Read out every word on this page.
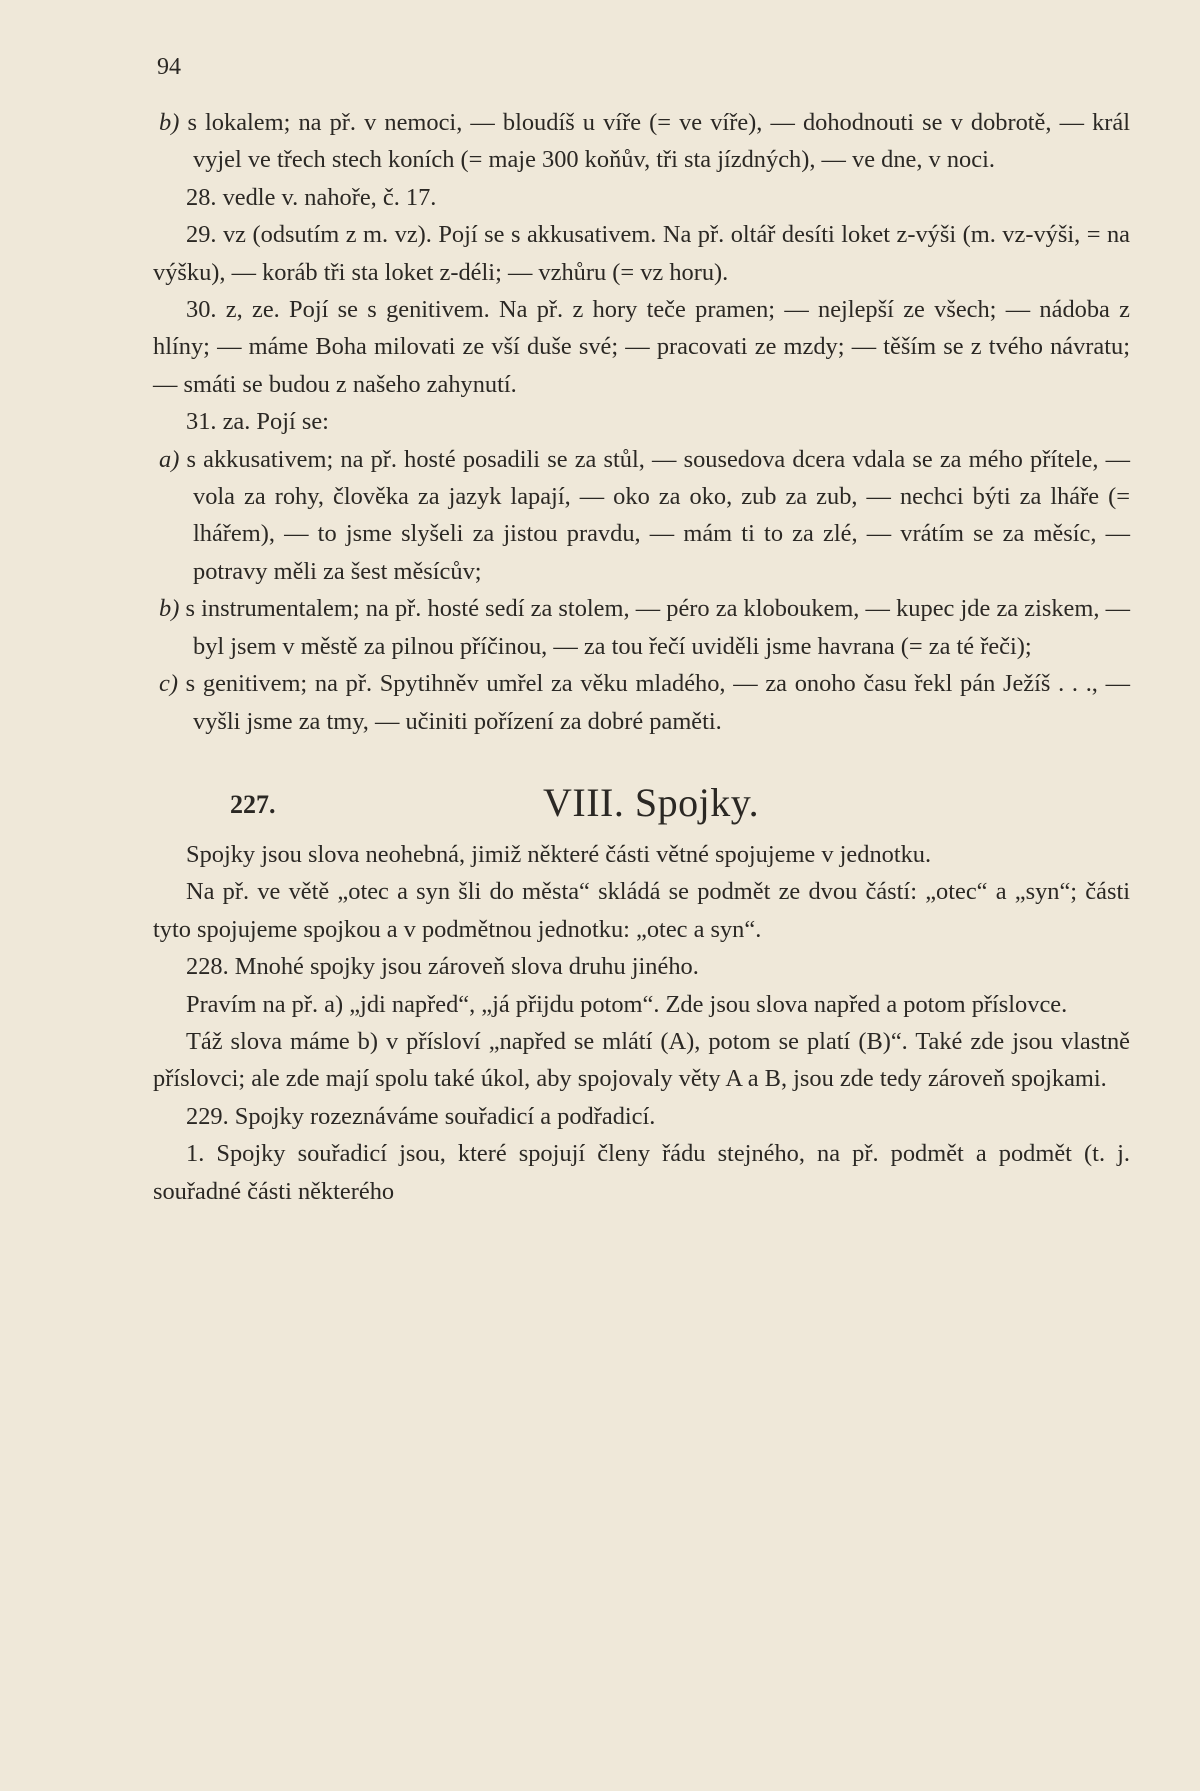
94

b) s lokalem; na př. v nemoci, — bloudíš u víře (= ve víře), — dohodnouti se v dobrotě, — král vyjel ve třech stech koních (= maje 300 koňův, tři sta jízdných), — ve dne, v noci.

28. vedle v. nahoře, č. 17.

29. vz (odsutím z m. vz). Pojí se s akkusativem. Na př. oltář desíti loket z-výši (m. vz-výši, = na výšku), — koráb tři sta loket z-déli; — vzhůru (= vz horu).

30. z, ze. Pojí se s genitivem. Na př. z hory teče pramen; — nejlepší ze všech; — nádoba z hlíny; — máme Boha milovati ze vší duše své; — pracovati ze mzdy; — těším se z tvého návratu; — smáti se budou z našeho zahynutí.

31. za. Pojí se:

a) s akkusativem; na př. hosté posadili se za stůl, — sousedova dcera vdala se za mého přítele, — vola za rohy, člověka za jazyk lapají, — oko za oko, zub za zub, — nechci býti za lháře (= lhářem), — to jsme slyšeli za jistou pravdu, — mám ti to za zlé, — vrátím se za měsíc, — potravy měli za šest měsícův;

b) s instrumentalem; na př. hosté sedí za stolem, — péro za kloboukem, — kupec jde za ziskem, — byl jsem v městě za pilnou příčinou, — za tou řečí uviděli jsme havrana (= za té řeči);

c) s genitivem; na př. Spytihněv umřel za věku mladého, — za onoho času řekl pán Ježíš . . ., — vyšli jsme za tmy, — učiniti pořízení za dobré paměti.

227.	VIII. Spojky.

Spojky jsou slova neohebná, jimiž některé části větné spojujeme v jednotku.

Na př. ve větě „otec a syn šli do města“ skládá se podmět ze dvou částí: „otec“ a „syn“; části tyto spojujeme spojkou a v podmětnou jednotku: „otec a syn“.

228. Mnohé spojky jsou zároveň slova druhu jiného.

Pravím na př. a) „jdi napřed“, „já přijdu potom“. Zde jsou slova napřed a potom příslovce.

Táž slova máme b) v přísloví „napřed se mlátí (A), potom se platí (B)“. Také zde jsou vlastně příslovci; ale zde mají spolu také úkol, aby spojovaly věty A a B, jsou zde tedy zároveň spojkami.

229. Spojky rozeznáváme souřadicí a podřadicí.

1. Spojky souřadicí jsou, které spojují členy řádu stejného, na př. podmět a podmět (t. j. souřadné části některého
